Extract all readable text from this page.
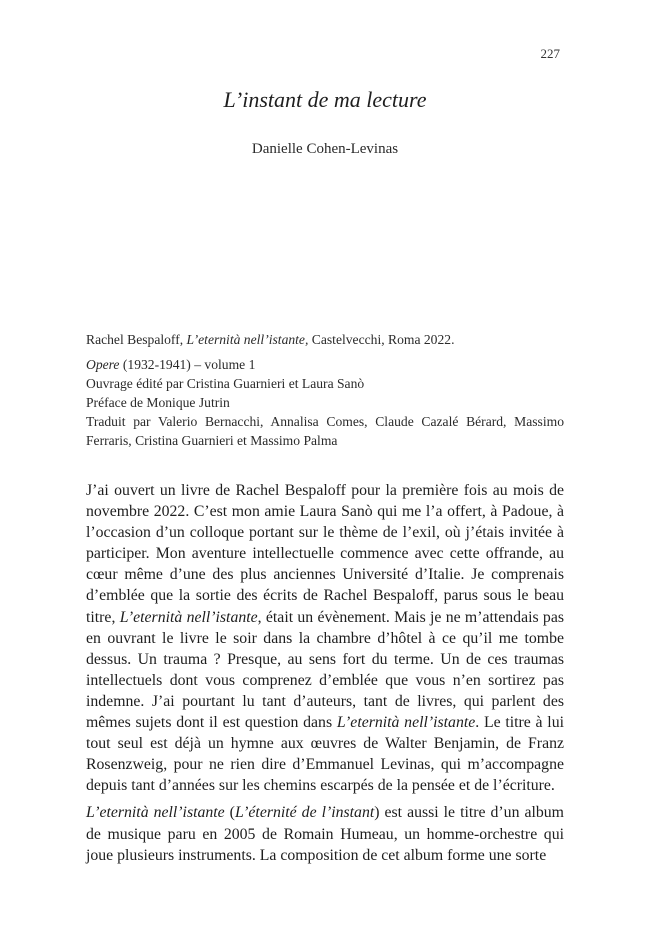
227
L’instant de ma lecture
Danielle Cohen-Levinas

Rachel Bespaloff, L’eternità nell’istante, Castelvecchi, Roma 2022.

Opere (1932-1941) – volume 1

Ouvrage édité par Cristina Guarnieri et Laura Sanò

Préface de Monique Jutrin

Traduit par Valerio Bernacchi, Annalisa Comes, Claude Cazalé Bérard, Massimo Ferraris, Cristina Guarnieri et Massimo Palma

J’ai ouvert un livre de Rachel Bespaloff pour la première fois au mois de novembre 2022. C’est mon amie Laura Sanò qui me l’a offert, à Padoue, à l’occasion d’un colloque portant sur le thème de l’exil, où j’étais invitée à participer. Mon aventure intellectuelle commence avec cette offrande, au cœur même d’une des plus anciennes Université d’Italie. Je comprenais d’emblée que la sortie des écrits de Rachel Bespaloff, parus sous le beau titre, L’eternità nell’istante, était un évènement. Mais je ne m’attendais pas en ouvrant le livre le soir dans la chambre d’hôtel à ce qu’il me tombe dessus. Un trauma ? Presque, au sens fort du terme. Un de ces traumas intellectuels dont vous comprenez d’emblée que vous n’en sortirez pas indemne. J’ai pourtant lu tant d’auteurs, tant de livres, qui parlent des mêmes sujets dont il est question dans L’eternità nell’istante. Le titre à lui tout seul est déjà un hymne aux œuvres de Walter Benjamin, de Franz Rosenzweig, pour ne rien dire d’Emmanuel Levinas, qui m’accompagne depuis tant d’années sur les chemins escarpés de la pensée et de l’écriture.

L’eternità nell’istante (L’éternité de l’instant) est aussi le titre d’un album de musique paru en 2005 de Romain Humeau, un homme-orchestre qui joue plusieurs instruments. La composition de cet album forme une sorte
